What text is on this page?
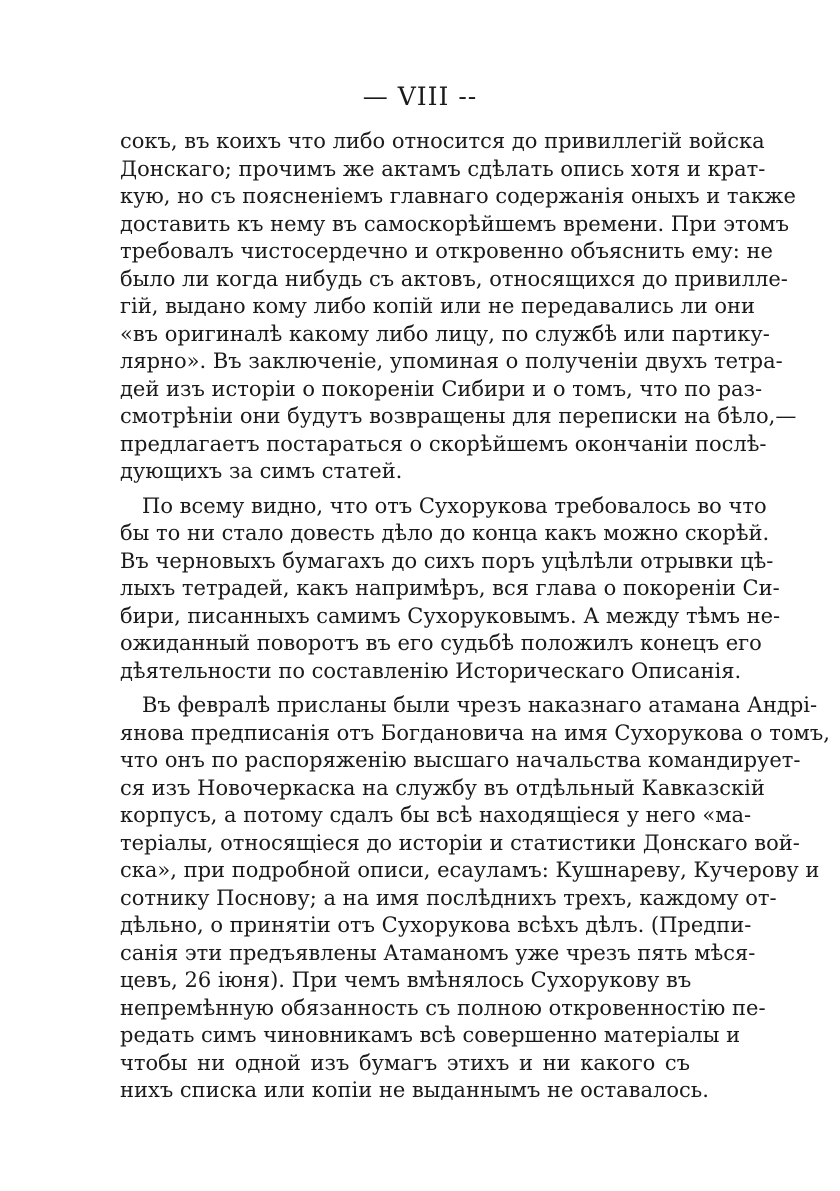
— VIII --
сокъ, въ коихъ что либо относится до привиллегій войска
Донскаго; прочимъ же актамъ сдѣлать опись хотя и крат-
кую, но съ поясненіемъ главнаго содержанія оныхъ и также
доставить къ нему въ самоскорѣйшемъ времени. При этомъ
требовалъ чистосердечно и откровенно объяснить ему: не
было ли когда нибудь съ актовъ, относящихся до привиллe-
гій, выдано кому либо копій или не передавались ли они
«въ оригиналѣ какому либо лицу, по службѣ или партику-
лярно». Въ заключеніе, упоминая о полученіи двухъ тетра-
дей изъ исторіи о покореніи Сибири и о томъ, что по рaз-
смотрѣніи они будутъ возвращены для переписки на бѣло,—
предлагаетъ постараться о скорѣйшемъ окончаніи послѣ-
дующихъ за симъ статей.
По всему видно, что отъ Сухорукова требовалось во что
бы то ни стало довесть дѣло до конца какъ можно скорѣй.
Въ черновыхъ бумагахъ до сихъ поръ уцѣлѣли отрывки цѣ-
лыхъ тетрадей, какъ напримѣръ, вся глава о покореніи Си-
бири, писанныхъ самимъ Сухоруковымъ. А между тѣмъ не-
ожиданный поворотъ въ его судьбѣ положилъ конецъ его
дѣятельности по составленію Историческаго Описанія.
Въ февралѣ присланы были чрезъ наказнаго атамана Андрі-
янова предписанія отъ Богдановича на имя Сухорукова о томъ,
что онъ по распоряженію высшаго начальства командирует-
ся изъ Новочеркаска на службу въ отдѣльный Кавказскій
корпусъ, а потому сдалъ бы всѣ находящіеся у него «ма-
теріалы, относящіеся до исторіи и статистики Донскаго вой-
ска», при подробной описи, есауламъ: Кушнареву, Кучерову и
сотнику Поснову; а на имя послѣднихъ трехъ, каждому от-
дѣльно, о принятіи отъ Сухорукова всѣхъ дѣлъ. (Предпи-
санія эти предъявлены Атаманомъ уже чрезъ пять мѣся-
цевъ, 26 іюня). При чемъ вмѣнялось Сухорукову въ
непремѣнную обязанность съ полною откровенностію пе-
редать симъ чиновникамъ всѣ совершенно матеріалы и
чтобы ни одной изъ бумагъ этихъ и ни какого съ
нихъ списка или копіи не выданнымъ не оставалось.
